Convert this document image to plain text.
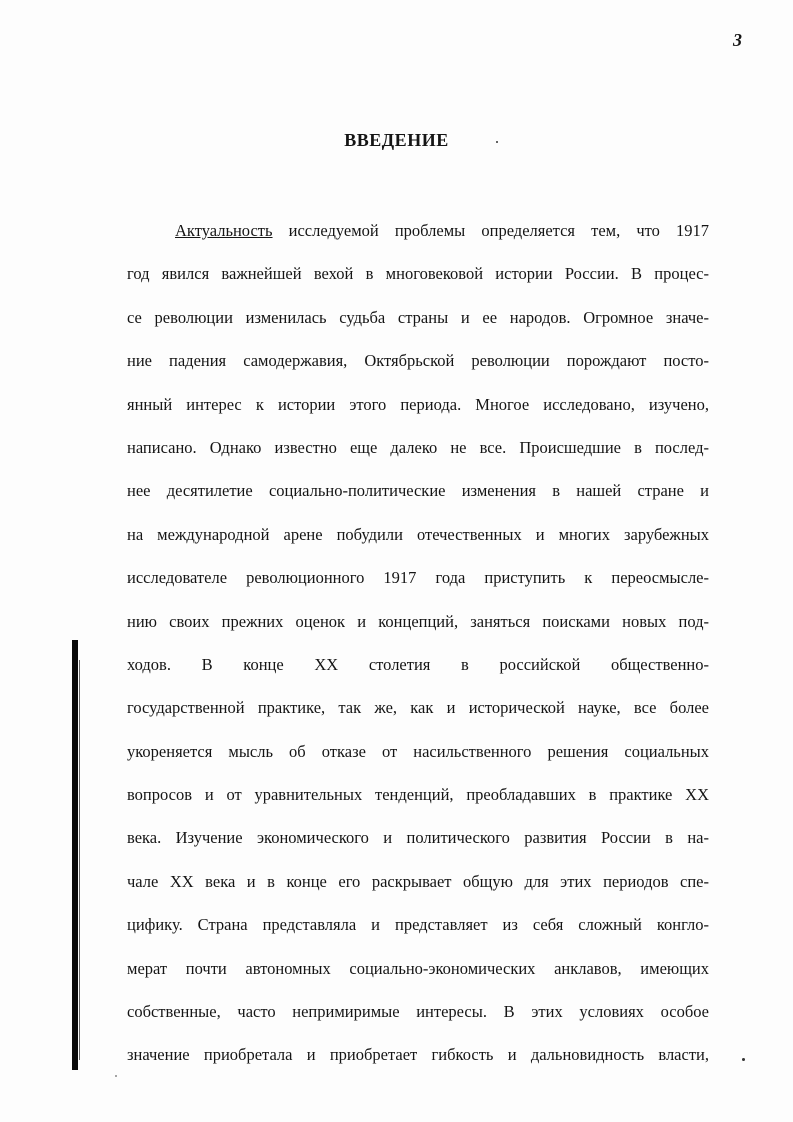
3
ВВЕДЕНИЕ
Актуальность исследуемой проблемы определяется тем, что 1917
год явился важнейшей вехой в многовековой истории России. В процес-
се революции изменилась судьба страны и ее народов. Огромное значе-
ние падения самодержавия, Октябрьской революции порождают посто-
янный интерес к истории этого периода. Многое исследовано, изучено,
написано. Однако известно еще далеко не все. Происшедшие в послед-
нее десятилетие социально-политические изменения в нашей стране и
на международной арене побудили отечественных и многих зарубежных
исследователе революционного 1917 года приступить к переосмысле-
нию своих прежних оценок и концепций, заняться поисками новых под-
ходов. В конце XX столетия в российской общественно-
государственной практике, так же, как и исторической науке, все более
укореняется мысль об отказе от насильственного решения социальных
вопросов и от уравнительных тенденций, преобладавших в практике XX
века. Изучение экономического и политического развития России в на-
чале XX века и в конце его раскрывает общую для этих периодов спе-
цифику. Страна представляла и представляет из себя сложный конгло-
мерат почти автономных социально-экономических анклавов, имеющих
собственные, часто непримиримые интересы. В этих условиях особое
значение приобретала и приобретает гибкость и дальновидность власти,
